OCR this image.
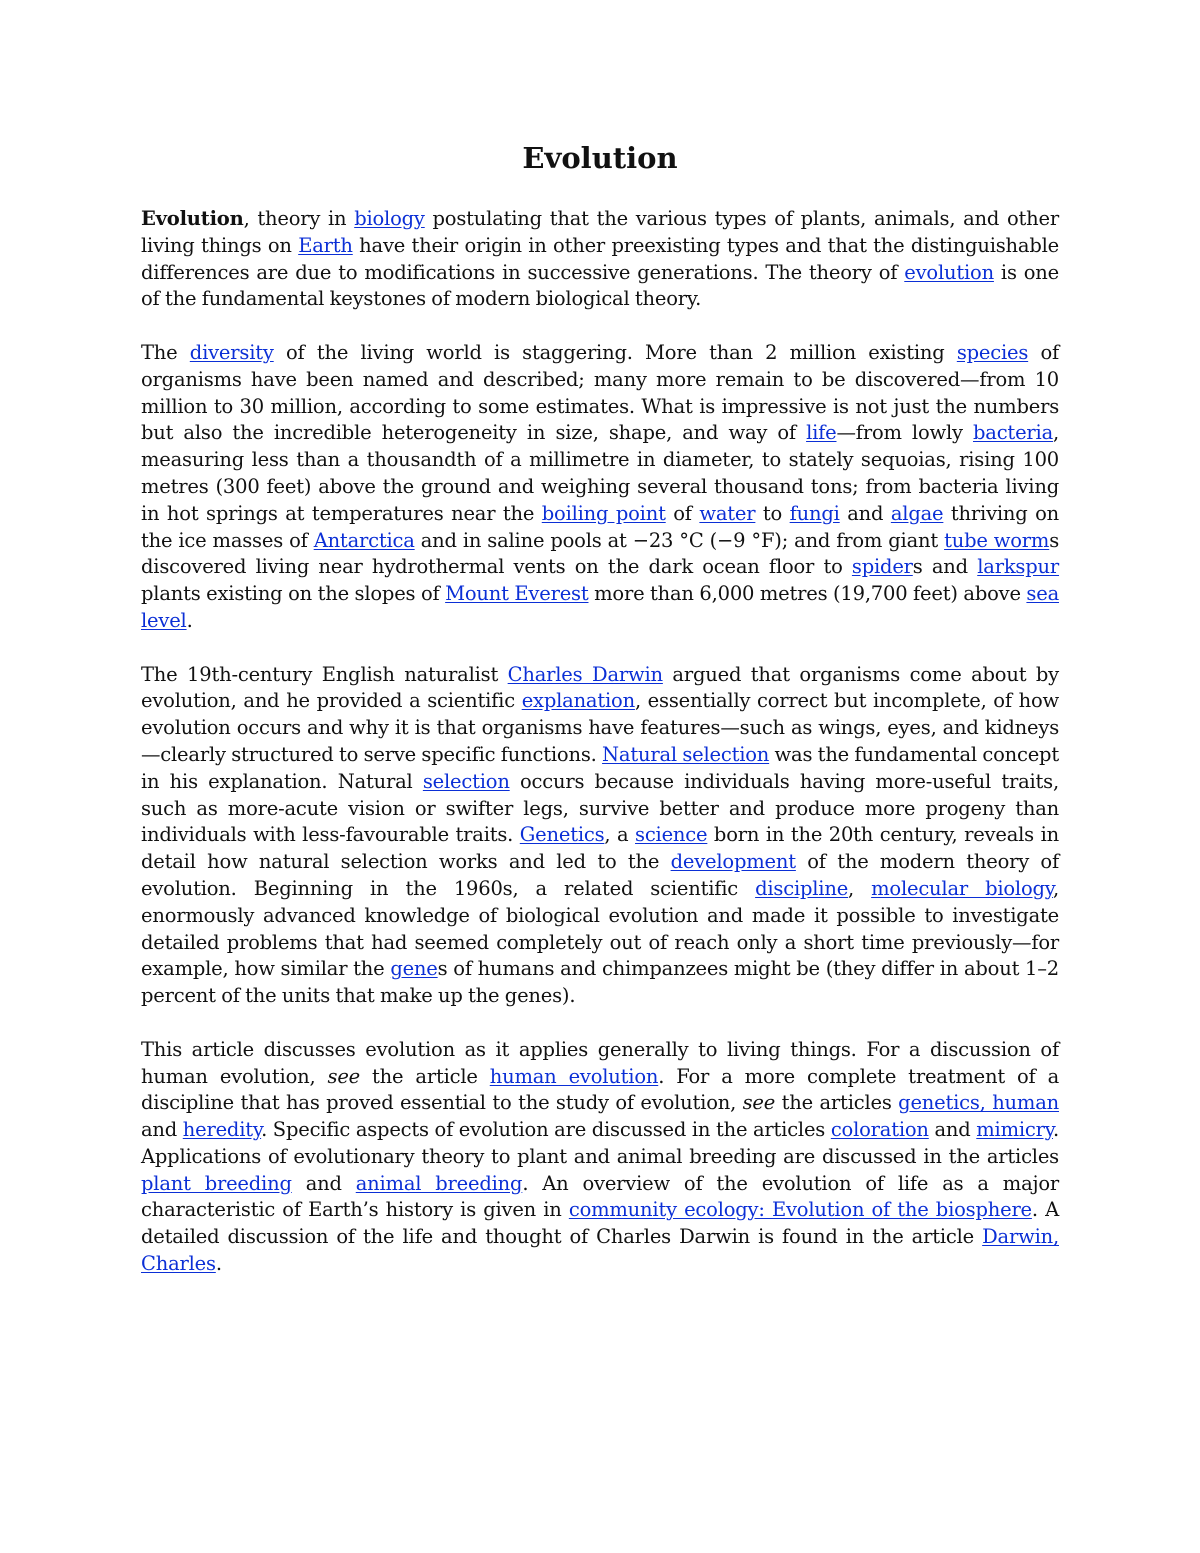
Evolution

Evolution, theory in biology postulating that the various types of plants, animals, and other living things on Earth have their origin in other preexisting types and that the distinguishable differences are due to modifications in successive generations. The theory of evolution is one of the fundamental keystones of modern biological theory.

The diversity of the living world is staggering. More than 2 million existing species of organisms have been named and described; many more remain to be discovered—from 10 million to 30 million, according to some estimates. What is impressive is not just the numbers but also the incredible heterogeneity in size, shape, and way of life—from lowly bacteria, measuring less than a thousandth of a millimetre in diameter, to stately sequoias, rising 100 metres (300 feet) above the ground and weighing several thousand tons; from bacteria living in hot springs at temperatures near the boiling point of water to fungi and algae thriving on the ice masses of Antarctica and in saline pools at −23 °C (−9 °F); and from giant tube worms discovered living near hydrothermal vents on the dark ocean floor to spiders and larkspur plants existing on the slopes of Mount Everest more than 6,000 metres (19,700 feet) above sea level.

The 19th-century English naturalist Charles Darwin argued that organisms come about by evolution, and he provided a scientific explanation, essentially correct but incomplete, of how evolution occurs and why it is that organisms have features—such as wings, eyes, and kidneys—clearly structured to serve specific functions. Natural selection was the fundamental concept in his explanation. Natural selection occurs because individuals having more-useful traits, such as more-acute vision or swifter legs, survive better and produce more progeny than individuals with less-favourable traits. Genetics, a science born in the 20th century, reveals in detail how natural selection works and led to the development of the modern theory of evolution. Beginning in the 1960s, a related scientific discipline, molecular biology, enormously advanced knowledge of biological evolution and made it possible to investigate detailed problems that had seemed completely out of reach only a short time previously—for example, how similar the genes of humans and chimpanzees might be (they differ in about 1–2 percent of the units that make up the genes).

This article discusses evolution as it applies generally to living things. For a discussion of human evolution, see the article human evolution. For a more complete treatment of a discipline that has proved essential to the study of evolution, see the articles genetics, human and heredity. Specific aspects of evolution are discussed in the articles coloration and mimicry. Applications of evolutionary theory to plant and animal breeding are discussed in the articles plant breeding and animal breeding. An overview of the evolution of life as a major characteristic of Earth’s history is given in community ecology: Evolution of the biosphere. A detailed discussion of the life and thought of Charles Darwin is found in the article Darwin, Charles.
